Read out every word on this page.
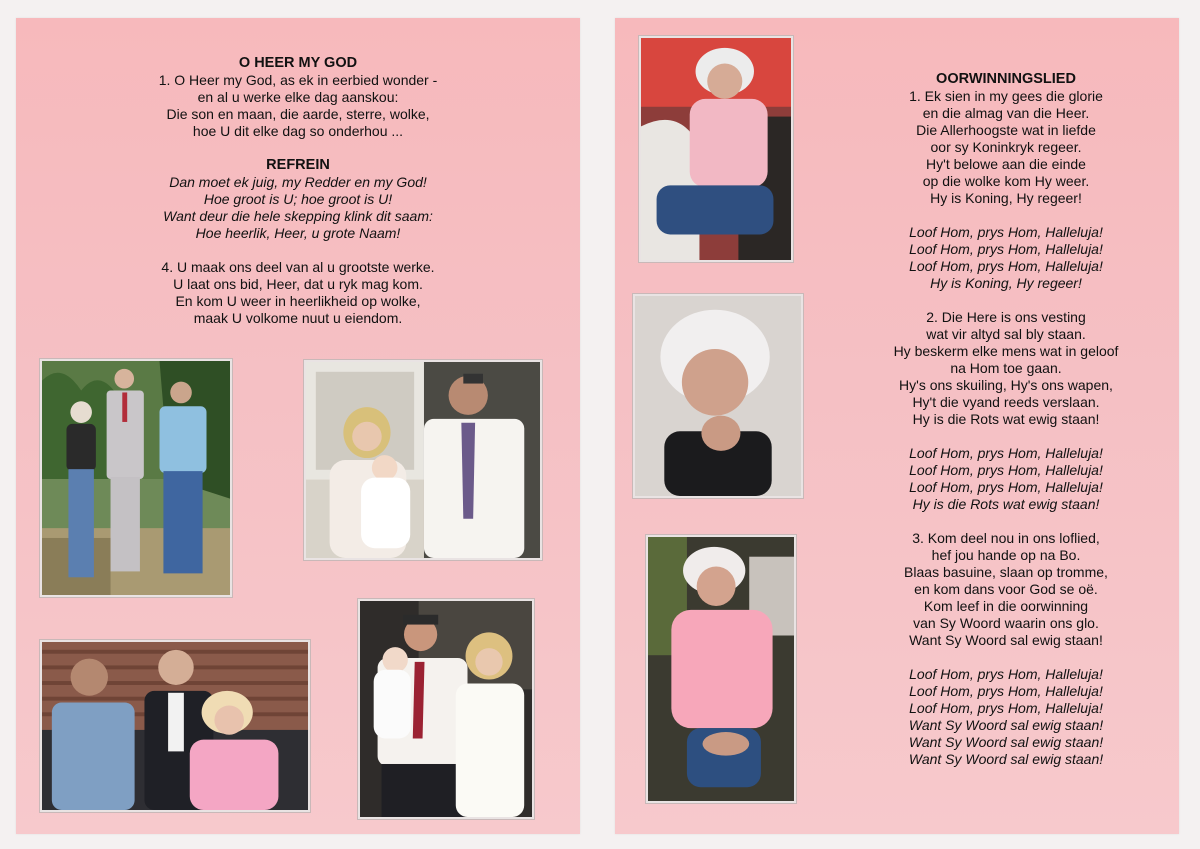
O HEER MY GOD
1. O Heer my God, as ek in eerbied wonder -
en al u werke elke dag aanskou:
Die son en maan, die aarde, sterre, wolke,
hoe U dit elke dag so onderhou ...
REFREIN
Dan moet ek juig, my Redder en my God!
Hoe groot is U; hoe groot is U!
Want deur die hele skepping klink dit saam:
Hoe heerlik, Heer, u grote Naam!
4. U maak ons deel van al u grootste werke.
U laat ons bid, Heer, dat u ryk mag kom.
En kom U weer in heerlikheid op wolke,
maak U volkome nuut u eiendom.
OORWINNINGSLIED
1. Ek sien in my gees die glorie
en die almag van die Heer.
Die Allerhoogste wat in liefde
oor sy Koninkryk regeer.
Hy't belowe aan die einde
op die wolke kom Hy weer.
Hy is Koning, Hy regeer!
Loof Hom, prys Hom, Halleluja!
Loof Hom, prys Hom, Halleluja!
Loof Hom, prys Hom, Halleluja!
Hy is Koning, Hy regeer!
2. Die Here is ons vesting
wat vir altyd sal bly staan.
Hy beskerm elke mens wat in geloof
na Hom toe gaan.
Hy's ons skuiling, Hy's ons wapen,
Hy't die vyand reeds verslaan.
Hy is die Rots wat ewig staan!
Loof Hom, prys Hom, Halleluja!
Loof Hom, prys Hom, Halleluja!
Loof Hom, prys Hom, Halleluja!
Hy is die Rots wat ewig staan!
3. Kom deel nou in ons loflied,
hef jou hande op na Bo.
Blaas basuine, slaan op tromme,
en kom dans voor God se oë.
Kom leef in die oorwinning
van Sy Woord waarin ons glo.
Want Sy Woord sal ewig staan!
Loof Hom, prys Hom, Halleluja!
Loof Hom, prys Hom, Halleluja!
Loof Hom, prys Hom, Halleluja!
Want Sy Woord sal ewig staan!
Want Sy Woord sal ewig staan!
Want Sy Woord sal ewig staan!
